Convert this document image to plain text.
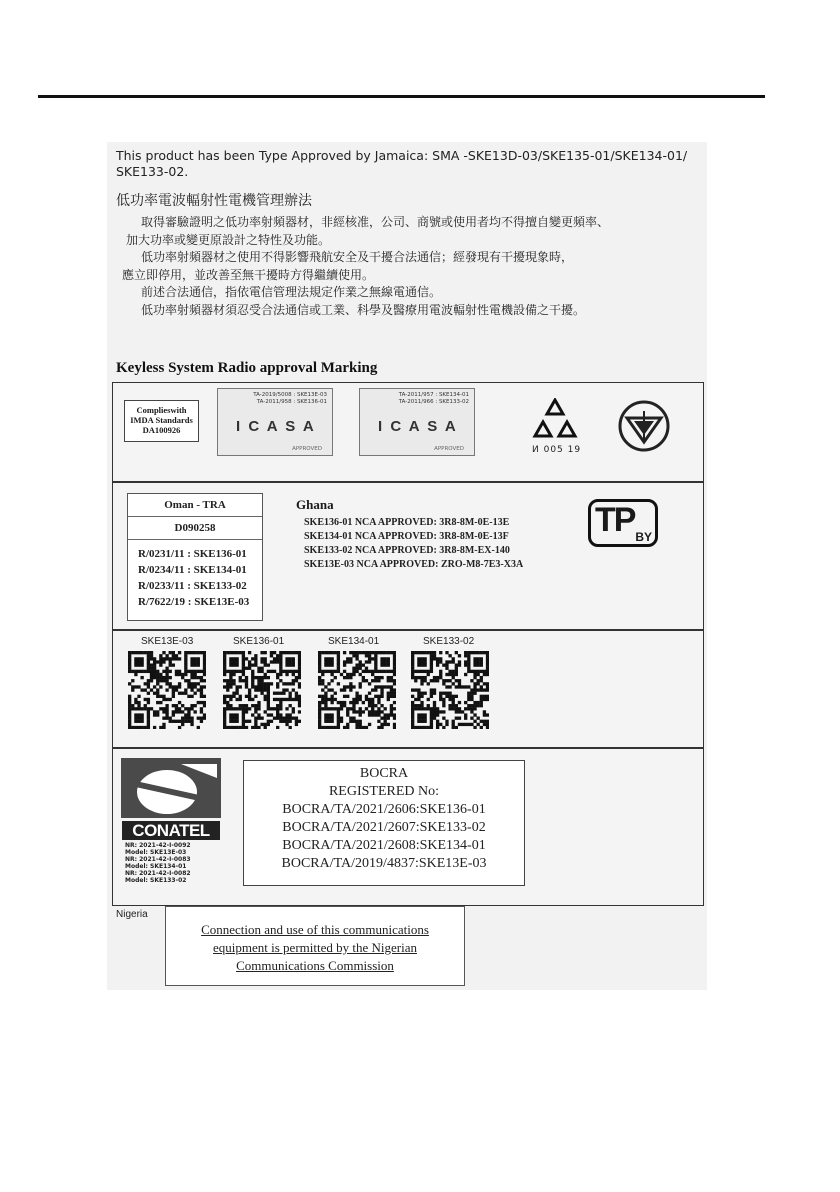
This product has been Type Approved by Jamaica: SMA -SKE13D-03/SKE135-01/SKE134-01/ SKE133-02.
低功率電波輻射性電機管理辦法
取得審驗證明之低功率射頻器材，非經核准，公司、商號或使用者均不得擅自變更頻率、
加大功率或變更原設計之特性及功能。
低功率射頻器材之使用不得影響飛航安全及干擾合法通信；經發現有干擾現象時，
應立即停用，並改善至無干擾時方得繼續使用。
前述合法通信，指依電信管理法規定作業之無線電通信。
低功率射頻器材須忍受合法通信或工業、科學及醫療用電波輻射性電機設備之干擾。
Keyless System Radio approval Marking
Complieswith
IMDA Standards
DA100926
TA-2019/5008 : SKE13E-03
TA-2011/958 : SKE136-01
I C A S A
APPROVED
TA-2011/957 : SKE134-01
TA-2011/966 : SKE133-02
I C A S A
APPROVED	И 005 19
Oman - TRA
D090258
R/0231/11 : SKE136-01
R/0234/11 : SKE134-01
R/0233/11 : SKE133-02
R/7622/19 : SKE13E-03
Ghana
SKE136-01 NCA APPROVED: 3R8-8M-0E-13E
SKE134-01 NCA APPROVED: 3R8-8M-0E-13F
SKE133-02 NCA APPROVED: 3R8-8M-EX-140
SKE13E-03 NCA APPROVED: ZRO-M8-7E3-X3A
TP BY
SKE13E-03	SKE136-01	SKE134-01	SKE133-02
CONATEL
NR: 2021-42-I-0092
Model: SKE13E-03
NR: 2021-42-I-0083
Model: SKE134-01
NR: 2021-42-I-0082
Model: SKE133-02
BOCRA
REGISTERED No:
BOCRA/TA/2021/2606:SKE136-01
BOCRA/TA/2021/2607:SKE133-02
BOCRA/TA/2021/2608:SKE134-01
BOCRA/TA/2019/4837:SKE13E-03
Nigeria
Connection and use of this communications
equipment is permitted by the Nigerian
Communications Commission
